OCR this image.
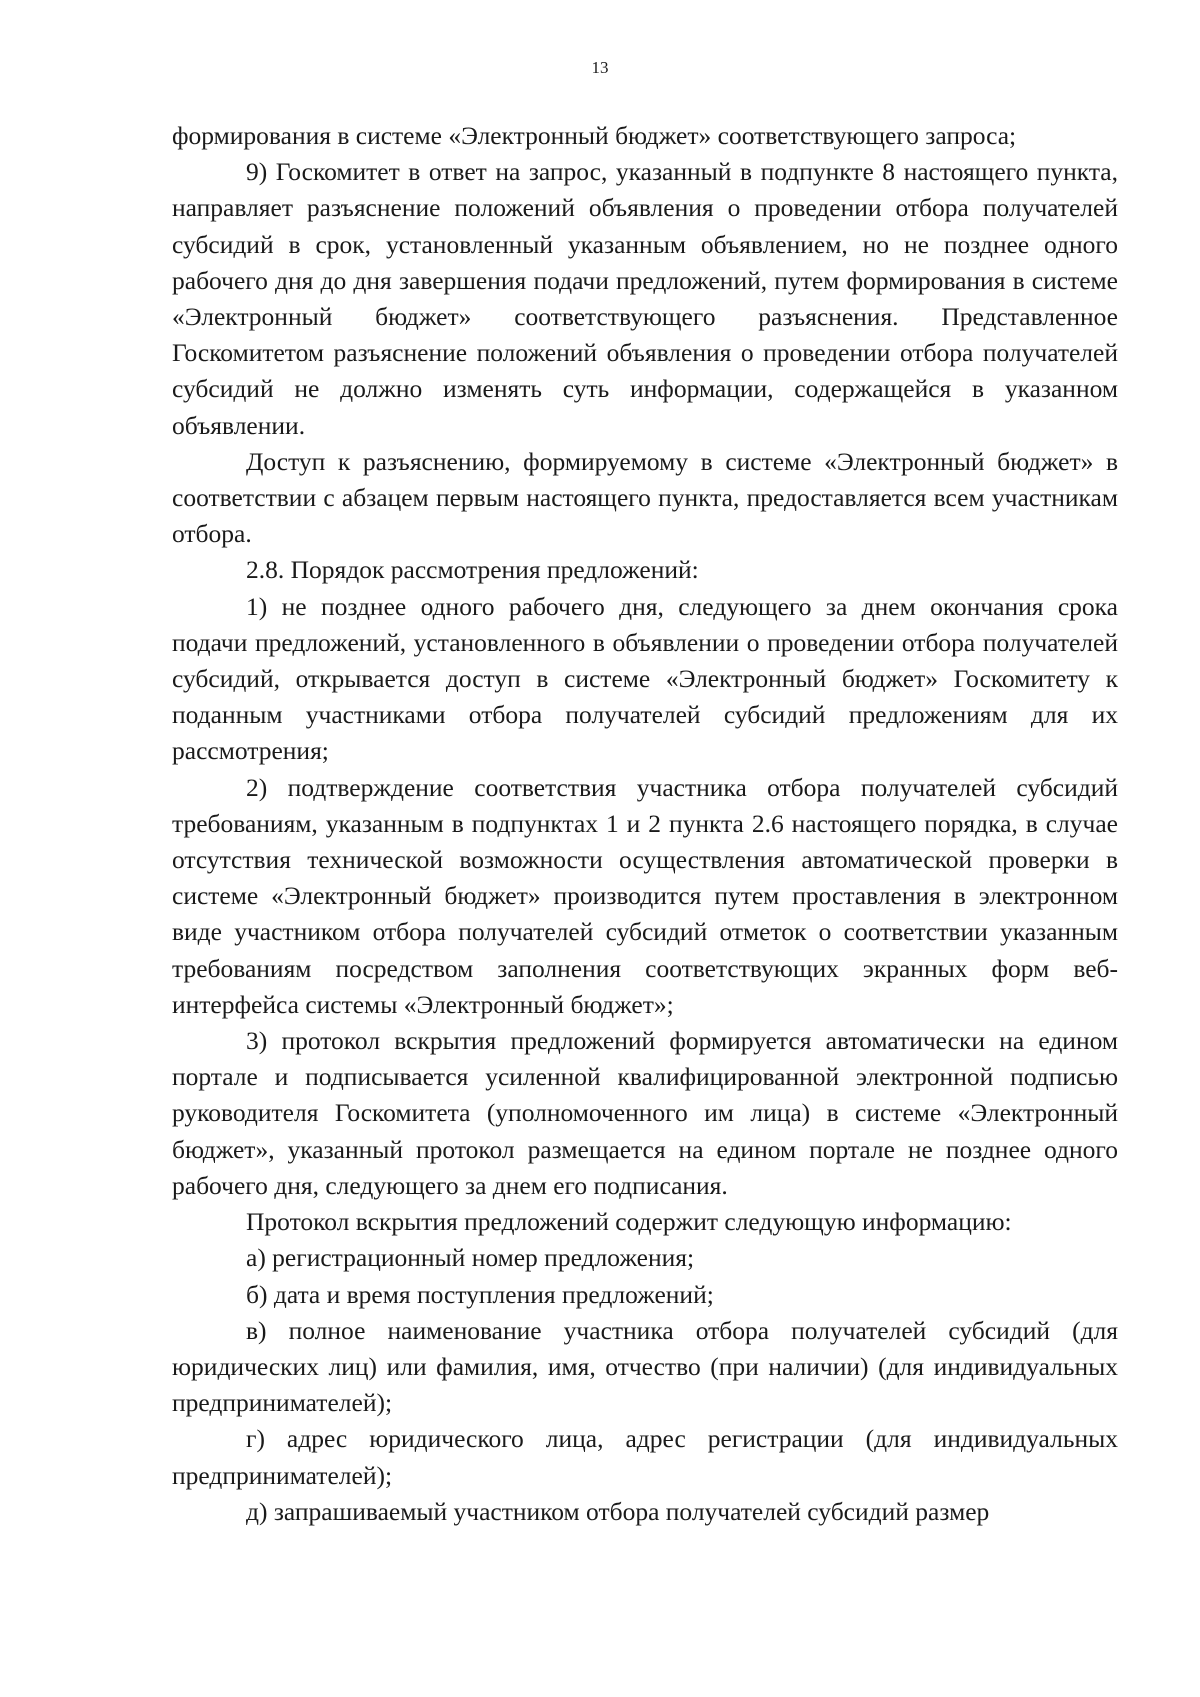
13

формирования в системе «Электронный бюджет» соответствующего запроса;

9) Госкомитет в ответ на запрос, указанный в подпункте 8 настоящего пункта, направляет разъяснение положений объявления о проведении отбора получателей субсидий в срок, установленный указанным объявлением, но не позднее одного рабочего дня до дня завершения подачи предложений, путем формирования в системе «Электронный бюджет» соответствующего разъяснения. Представленное Госкомитетом разъяснение положений объявления о проведении отбора получателей субсидий не должно изменять суть информации, содержащейся в указанном объявлении.

Доступ к разъяснению, формируемому в системе «Электронный бюджет» в соответствии с абзацем первым настоящего пункта, предоставляется всем участникам отбора.

2.8. Порядок рассмотрения предложений:

1) не позднее одного рабочего дня, следующего за днем окончания срока подачи предложений, установленного в объявлении о проведении отбора получателей субсидий, открывается доступ в системе «Электронный бюджет» Госкомитету к поданным участниками отбора получателей субсидий предложениям для их рассмотрения;

2) подтверждение соответствия участника отбора получателей субсидий требованиям, указанным в подпунктах 1 и 2 пункта 2.6 настоящего порядка, в случае отсутствия технической возможности осуществления автоматической проверки в системе «Электронный бюджет» производится путем проставления в электронном виде участником отбора получателей субсидий отметок о соответствии указанным требованиям посредством заполнения соответствующих экранных форм веб-интерфейса системы «Электронный бюджет»;

3) протокол вскрытия предложений формируется автоматически на едином портале и подписывается усиленной квалифицированной электронной подписью руководителя Госкомитета (уполномоченного им лица) в системе «Электронный бюджет», указанный протокол размещается на едином портале не позднее одного рабочего дня, следующего за днем его подписания.

Протокол вскрытия предложений содержит следующую информацию:

а) регистрационный номер предложения;

б) дата и время поступления предложений;

в) полное наименование участника отбора получателей субсидий (для юридических лиц) или фамилия, имя, отчество (при наличии) (для индивидуальных предпринимателей);

г) адрес юридического лица, адрес регистрации (для индивидуальных предпринимателей);

д) запрашиваемый участником отбора получателей субсидий размер
